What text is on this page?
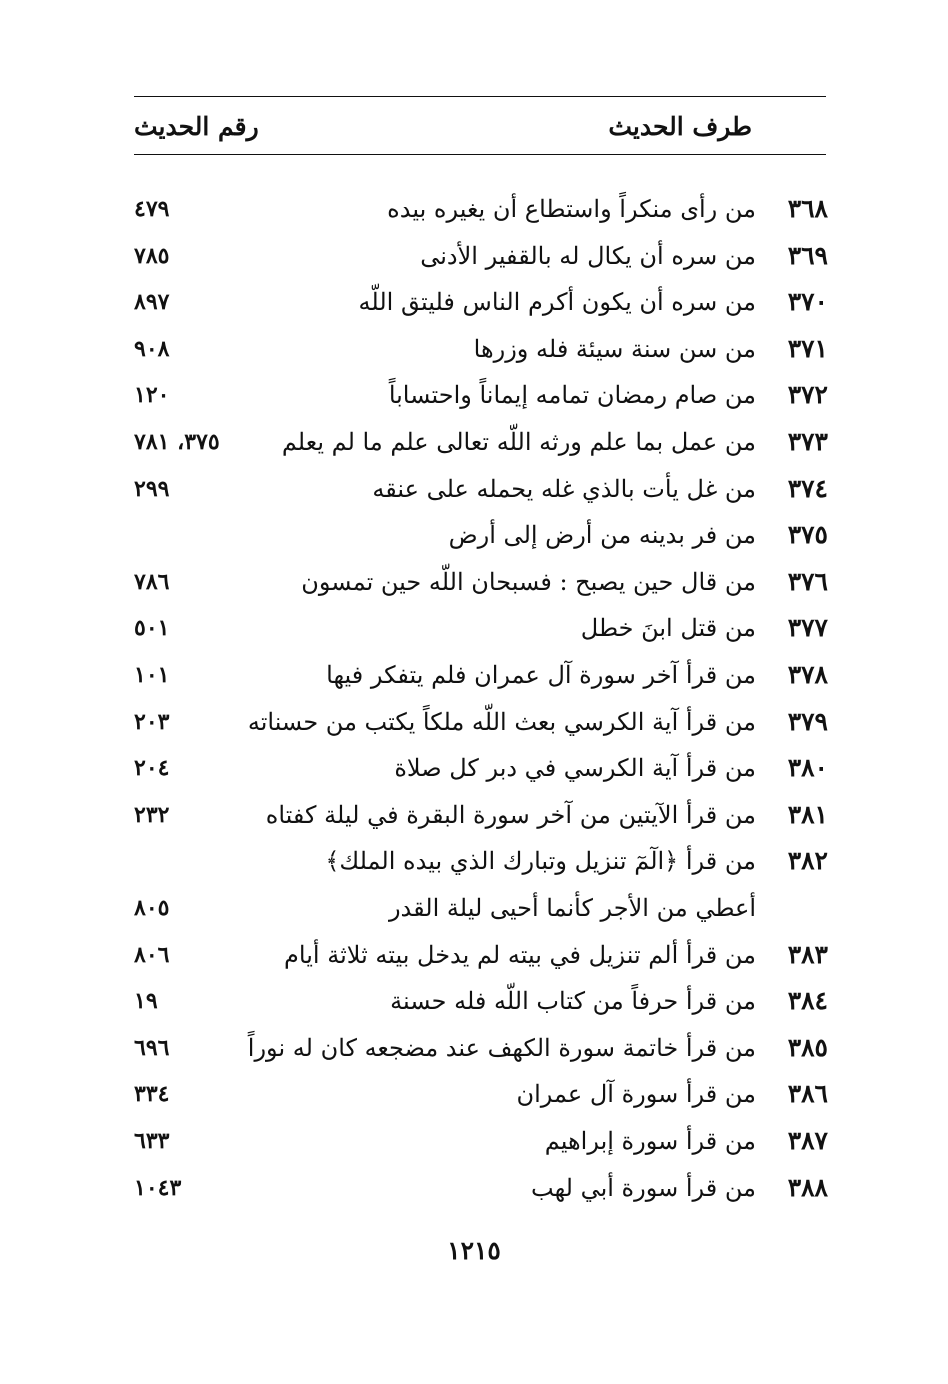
طرف الحديث
رقم الحديث
٣٦٨
من رأى منكراً واستطاع أن يغيره بيده
٤٧٩
٣٦٩
من سره أن يكال له بالقفير الأدنى
٧٨٥
٣٧٠
من سره أن يكون أكرم الناس فليتق اللّه
٨٩٧
٣٧١
من سن سنة سيئة فله وزرها
٩٠٨
٣٧٢
من صام رمضان تمامه إيماناً واحتساباً
١٢٠
٣٧٣
من عمل بما علم ورثه اللّه تعالى علم ما لم يعلم
٣٧٥، ٧٨١
٣٧٤
من غل يأت بالذي غله يحمله على عنقه
٢٩٩
٣٧٥
من فر بدينه من أرض إلى أرض
٣٧٦
من قال حين يصبح : فسبحان اللّه حين تمسون
٧٨٦
٣٧٧
من قتل ابنَ خطل
٥٠١
٣٧٨
من قرأ آخر سورة آل عمران فلم يتفكر فيها
١٠١
٣٧٩
من قرأ آية الكرسي بعث اللّه ملكاً يكتب من حسناته
٢٠٣
٣٨٠
من قرأ آية الكرسي في دبر كل صلاة
٢٠٤
٣٨١
من قرأ الآيتين من آخر سورة البقرة في ليلة كفتاه
٢٣٢
٣٨٢
من قرأ ﴿الٓمٓ تنزيل وتبارك الذي بيده الملك﴾
أعطي من الأجر كأنما أحيى ليلة القدر
٨٠٥
٣٨٣
من قرأ ألم تنزيل في بيته لم يدخل بيته ثلاثة أيام
٨٠٦
٣٨٤
من قرأ حرفاً من كتاب اللّه فله حسنة
١٩
٣٨٥
من قرأ خاتمة سورة الكهف عند مضجعه كان له نوراً
٦٩٦
٣٨٦
من قرأ سورة آل عمران
٣٣٤
٣٨٧
من قرأ سورة إبراهيم
٦٣٣
٣٨٨
من قرأ سورة أبي لهب
١٠٤٣
١٢١٥
